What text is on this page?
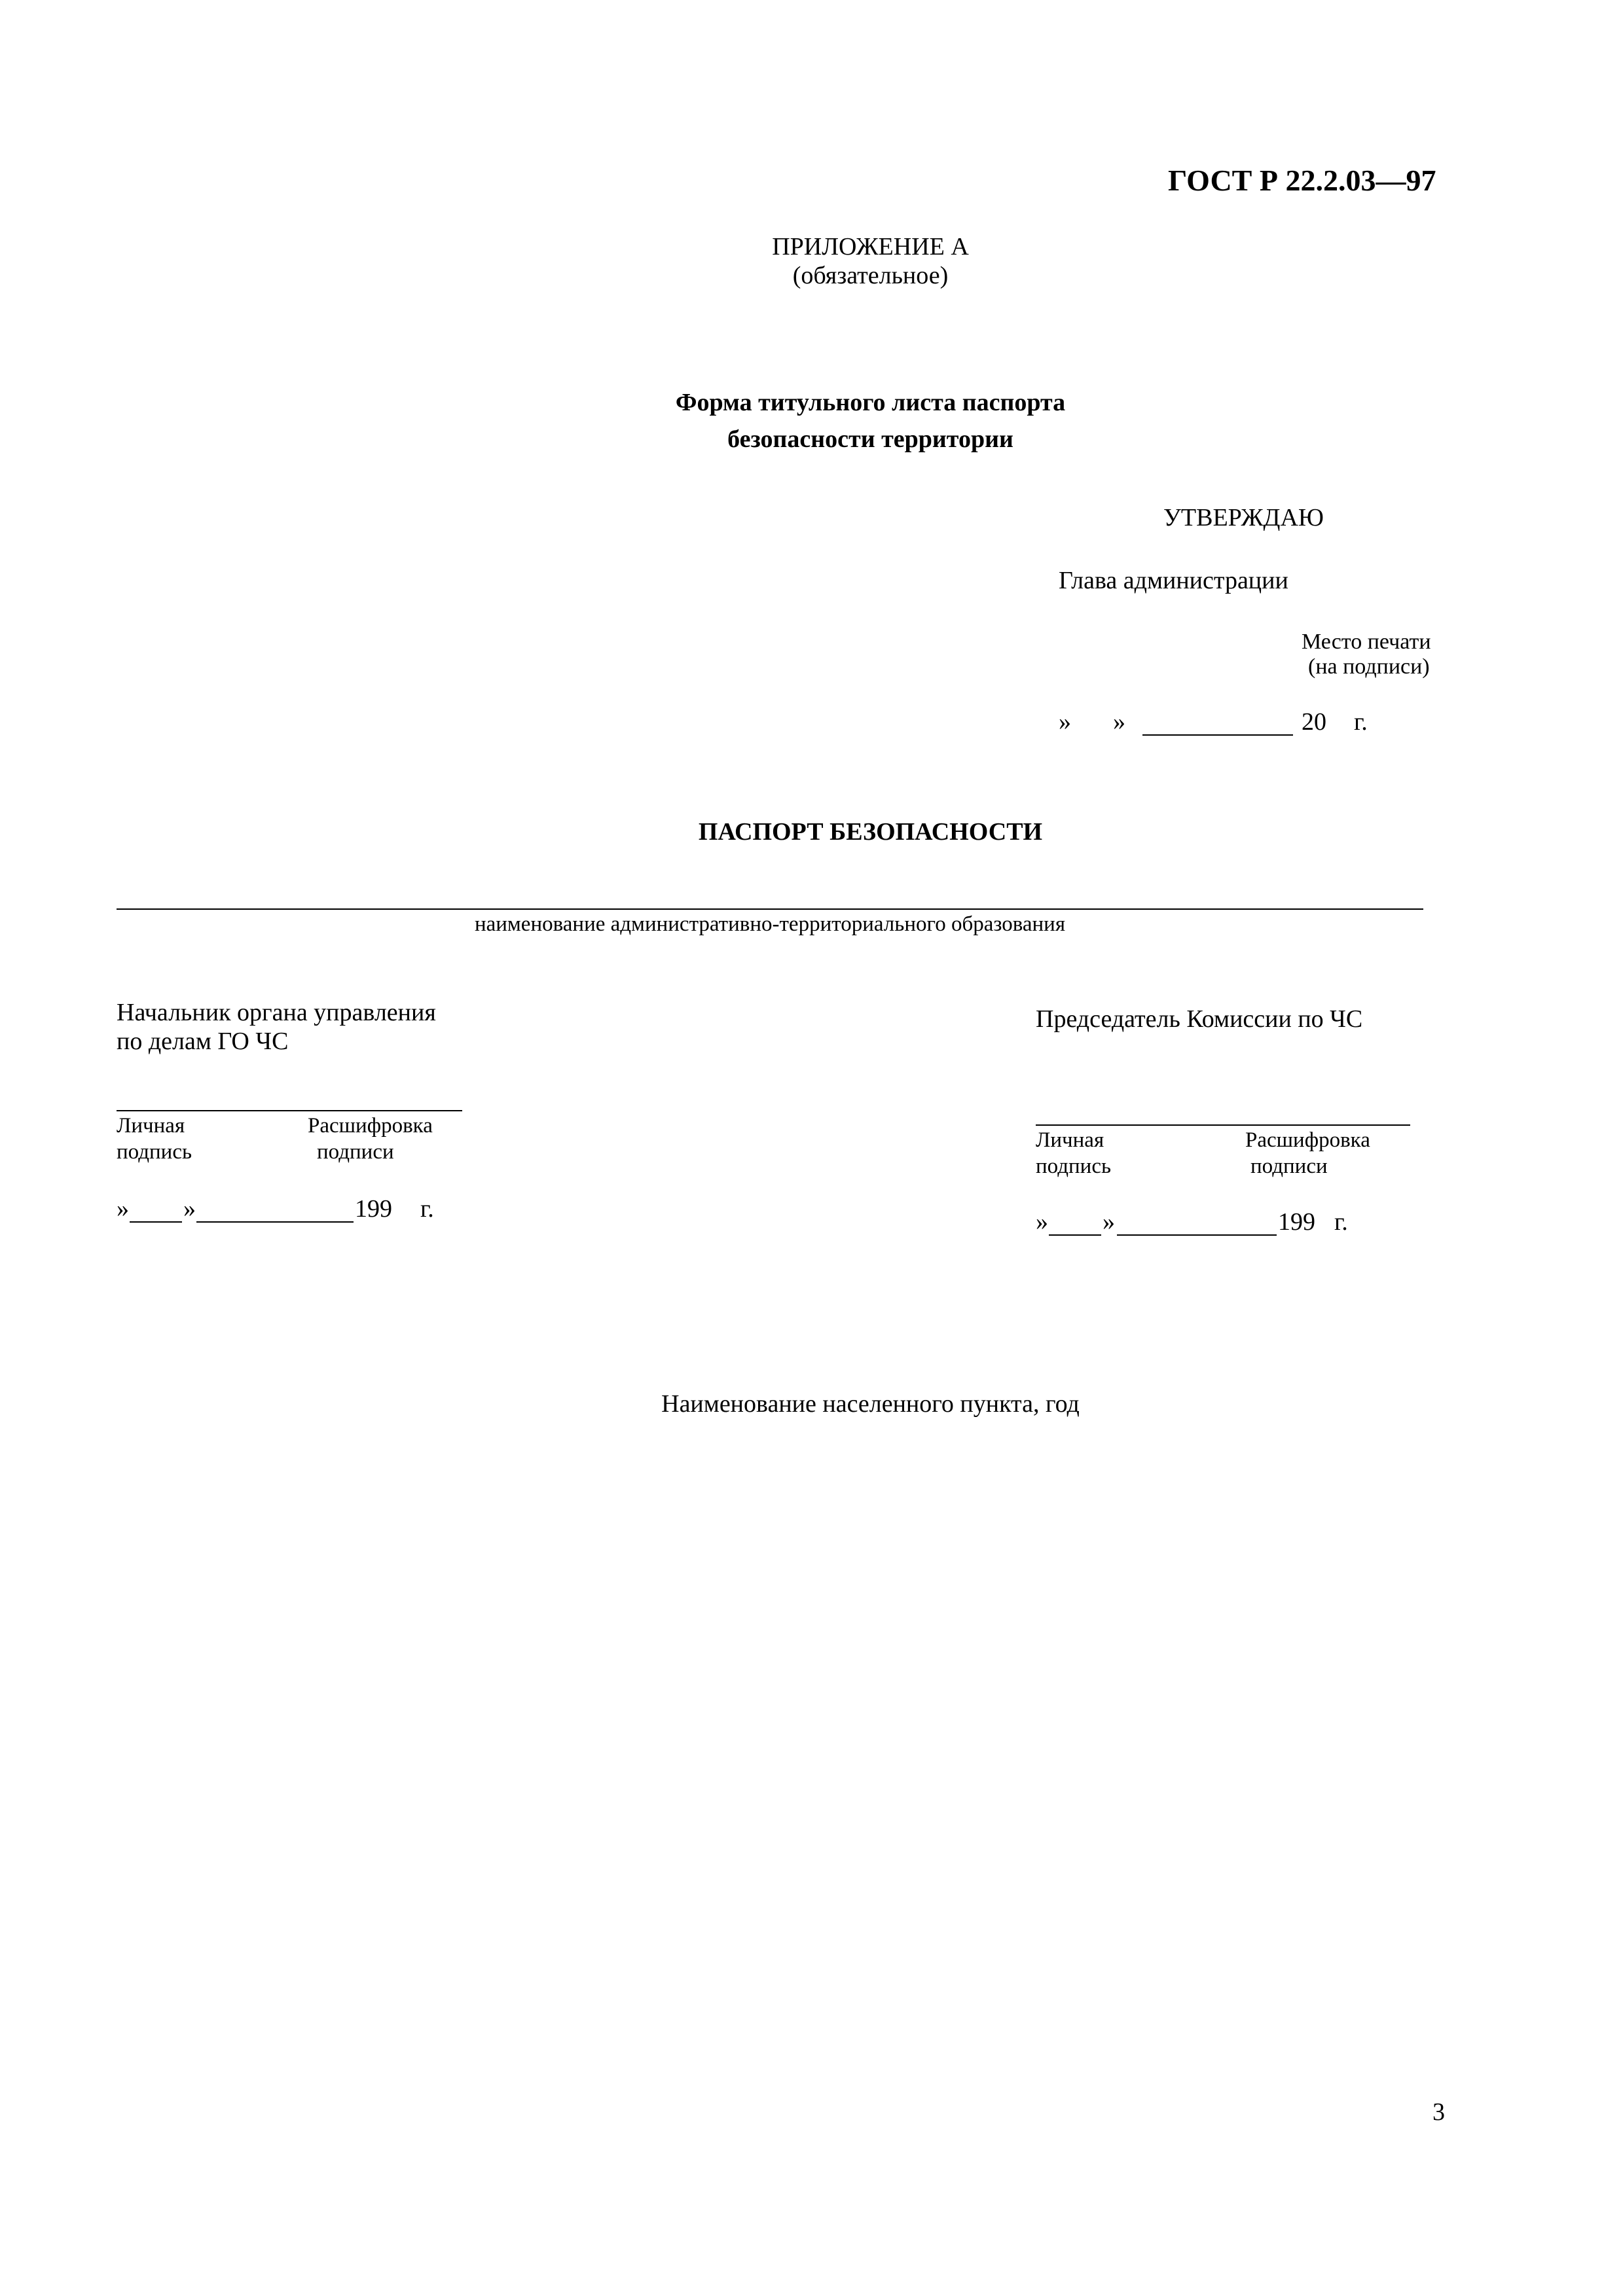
ГОСТ Р 22.2.03—97
ПРИЛОЖЕНИЕ А
(обязательное)
Форма титульного листа паспорта
безопасности территории
УТВЕРЖДАЮ
Глава администрации
Место печати
(на подписи)
» »	20 г.
ПАСПОРТ БЕЗОПАСНОСТИ
наименование административно-территориального образования
Начальник органа управления
по делам ГО ЧС
Личная
подпись
Расшифровка
подписи
» »	199 г.
Председатель Комиссии по ЧС
Личная
подпись
Расшифровка
подписи
» »	199 г.
Наименование населенного пункта, год
3
